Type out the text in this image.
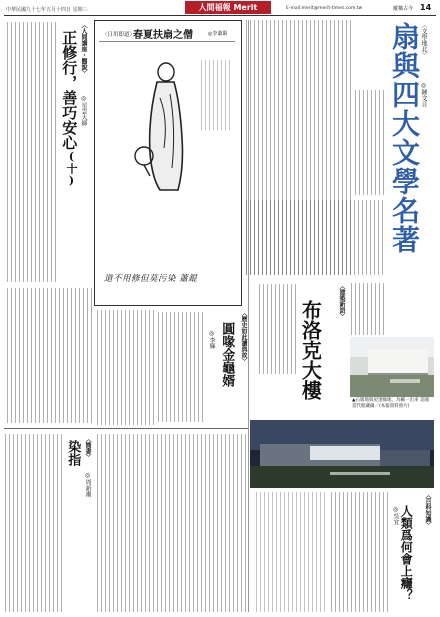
中華民國九十七年五月十四日 星期三	人間福報 Merit Times
E-mail:merit@merit-times.com.tw	縱橫古今 14
〈文學地北〉
◎鍾文音
扇與四大文學名著
〈建築新語〉
布洛克大樓
▲石版地與屋頂綠地，為輔一出來 美國當代館藏攝／(本報資料照片)
〈百科知識〉
人類爲何會上癮？
◎吳宜
春夏扶扇之僧
〈日用即道〉	◎李蕭錕
道不用修但莫污染 蕭錕
〈人間講座・醫說〉
正修行，善巧安心
(十)
◎星雲大師
〈歷史如此讀典故〉
圓喙金龜婿
◎李輝
〈簡書〉
染指
◎周新潮
